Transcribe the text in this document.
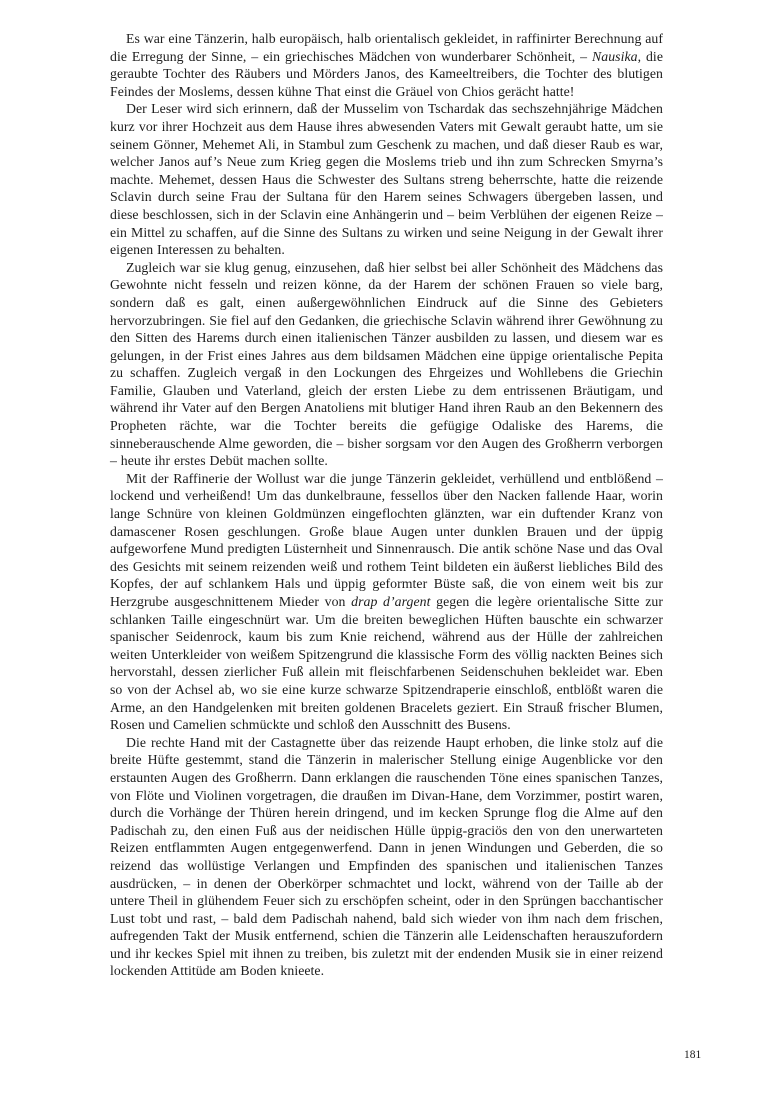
Es war eine Tänzerin, halb europäisch, halb orientalisch gekleidet, in raffinirter Berechnung auf die Erregung der Sinne, – ein griechisches Mädchen von wunderbarer Schönheit, – Nausika, die geraubte Tochter des Räubers und Mörders Janos, des Kameeltreibers, die Tochter des blutigen Feindes der Moslems, dessen kühne That einst die Gräuel von Chios gerächt hatte!

Der Leser wird sich erinnern, daß der Musselim von Tschardak das sechszehnjährige Mädchen kurz vor ihrer Hochzeit aus dem Hause ihres abwesenden Vaters mit Gewalt geraubt hatte, um sie seinem Gönner, Mehemet Ali, in Stambul zum Geschenk zu machen, und daß dieser Raub es war, welcher Janos auf’s Neue zum Krieg gegen die Moslems trieb und ihn zum Schrecken Smyrna’s machte. Mehemet, dessen Haus die Schwester des Sultans streng beherrschte, hatte die reizende Sclavin durch seine Frau der Sultana für den Harem seines Schwagers übergeben lassen, und diese beschlossen, sich in der Sclavin eine Anhängerin und – beim Verblühen der eigenen Reize – ein Mittel zu schaffen, auf die Sinne des Sultans zu wirken und seine Neigung in der Gewalt ihrer eigenen Interessen zu behalten.

Zugleich war sie klug genug, einzusehen, daß hier selbst bei aller Schönheit des Mädchens das Gewohnte nicht fesseln und reizen könne, da der Harem der schönen Frauen so viele barg, sondern daß es galt, einen außergewöhnlichen Eindruck auf die Sinne des Gebieters hervorzubringen. Sie fiel auf den Gedanken, die griechische Sclavin während ihrer Gewöhnung zu den Sitten des Harems durch einen italienischen Tänzer ausbilden zu lassen, und diesem war es gelungen, in der Frist eines Jahres aus dem bildsamen Mädchen eine üppige orientalische Pepita zu schaffen. Zugleich vergaß in den Lockungen des Ehrgeizes und Wohllebens die Griechin Familie, Glauben und Vaterland, gleich der ersten Liebe zu dem entrissenen Bräutigam, und während ihr Vater auf den Bergen Anatoliens mit blutiger Hand ihren Raub an den Bekennern des Propheten rächte, war die Tochter bereits die gefügige Odaliske des Harems, die sinneberauschende Alme geworden, die – bisher sorgsam vor den Augen des Großherrn verborgen – heute ihr erstes Debüt machen sollte.

Mit der Raffinerie der Wollust war die junge Tänzerin gekleidet, verhüllend und entblößend – lockend und verheißend! Um das dunkelbraune, fessellos über den Nacken fallende Haar, worin lange Schnüre von kleinen Goldmünzen eingeflochten glänzten, war ein duftender Kranz von damascener Rosen geschlungen. Große blaue Augen unter dunklen Brauen und der üppig aufgeworfene Mund predigten Lüsternheit und Sinnenrausch. Die antik schöne Nase und das Oval des Gesichts mit seinem reizenden weiß und rothem Teint bildeten ein äußerst liebliches Bild des Kopfes, der auf schlankem Hals und üppig geformter Büste saß, die von einem weit bis zur Herzgrube ausgeschnittenem Mieder von drap d’argent gegen die legère orientalische Sitte zur schlanken Taille eingeschnürt war. Um die breiten beweglichen Hüften bauschte ein schwarzer spanischer Seidenrock, kaum bis zum Knie reichend, während aus der Hülle der zahlreichen weiten Unterkleider von weißem Spitzengrund die klassische Form des völlig nackten Beines sich hervorstahl, dessen zierlicher Fuß allein mit fleischfarbenen Seidenschuhen bekleidet war. Eben so von der Achsel ab, wo sie eine kurze schwarze Spitzendraperie einschloß, entblößt waren die Arme, an den Handgelenken mit breiten goldenen Bracelets geziert. Ein Strauß frischer Blumen, Rosen und Camelien schmückte und schloß den Ausschnitt des Busens.

Die rechte Hand mit der Castagnette über das reizende Haupt erhoben, die linke stolz auf die breite Hüfte gestemmt, stand die Tänzerin in malerischer Stellung einige Augenblicke vor den erstaunten Augen des Großherrn. Dann erklangen die rauschenden Töne eines spanischen Tanzes, von Flöte und Violinen vorgetragen, die draußen im Divan-Hane, dem Vorzimmer, postirt waren, durch die Vorhänge der Thüren herein dringend, und im kecken Sprunge flog die Alme auf den Padischah zu, den einen Fuß aus der neidischen Hülle üppig-graciös den von den unerwarteten Reizen entflammten Augen entgegenwerfend. Dann in jenen Windungen und Geberden, die so reizend das wollüstige Verlangen und Empfinden des spanischen und italienischen Tanzes ausdrücken, – in denen der Oberkörper schmachtet und lockt, während von der Taille ab der untere Theil in glühendem Feuer sich zu erschöpfen scheint, oder in den Sprüngen bacchantischer Lust tobt und rast, – bald dem Padischah nahend, bald sich wieder von ihm nach dem frischen, aufregenden Takt der Musik entfernend, schien die Tänzerin alle Leidenschaften herauszufordern und ihr keckes Spiel mit ihnen zu treiben, bis zuletzt mit der endenden Musik sie in einer reizend lockenden Attitüde am Boden knieete.

181
